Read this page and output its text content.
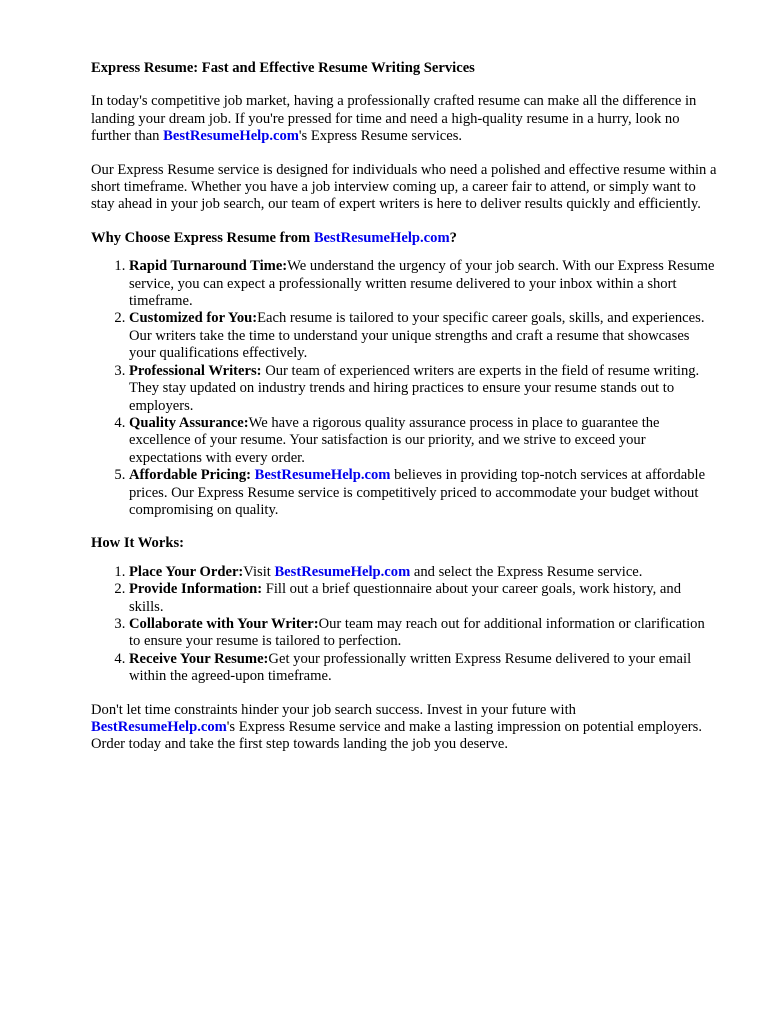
Express Resume: Fast and Effective Resume Writing Services

In today's competitive job market, having a professionally crafted resume can make all the difference in landing your dream job. If you're pressed for time and need a high-quality resume in a hurry, look no further than BestResumeHelp.com's Express Resume services.

Our Express Resume service is designed for individuals who need a polished and effective resume within a short timeframe. Whether you have a job interview coming up, a career fair to attend, or simply want to stay ahead in your job search, our team of expert writers is here to deliver results quickly and efficiently.

Why Choose Express Resume from BestResumeHelp.com?
1. Rapid Turnaround Time:We understand the urgency of your job search. With our Express Resume service, you can expect a professionally written resume delivered to your inbox within a short timeframe.
2. Customized for You:Each resume is tailored to your specific career goals, skills, and experiences. Our writers take the time to understand your unique strengths and craft a resume that showcases your qualifications effectively.
3. Professional Writers: Our team of experienced writers are experts in the field of resume writing. They stay updated on industry trends and hiring practices to ensure your resume stands out to employers.
4. Quality Assurance:We have a rigorous quality assurance process in place to guarantee the excellence of your resume. Your satisfaction is our priority, and we strive to exceed your expectations with every order.
5. Affordable Pricing: BestResumeHelp.com believes in providing top-notch services at affordable prices. Our Express Resume service is competitively priced to accommodate your budget without compromising on quality.
How It Works:
1. Place Your Order:Visit BestResumeHelp.com and select the Express Resume service.
2. Provide Information: Fill out a brief questionnaire about your career goals, work history, and skills.
3. Collaborate with Your Writer:Our team may reach out for additional information or clarification to ensure your resume is tailored to perfection.
4. Receive Your Resume:Get your professionally written Express Resume delivered to your email within the agreed-upon timeframe.

Don't let time constraints hinder your job search success. Invest in your future with BestResumeHelp.com's Express Resume service and make a lasting impression on potential employers. Order today and take the first step towards landing the job you deserve.
